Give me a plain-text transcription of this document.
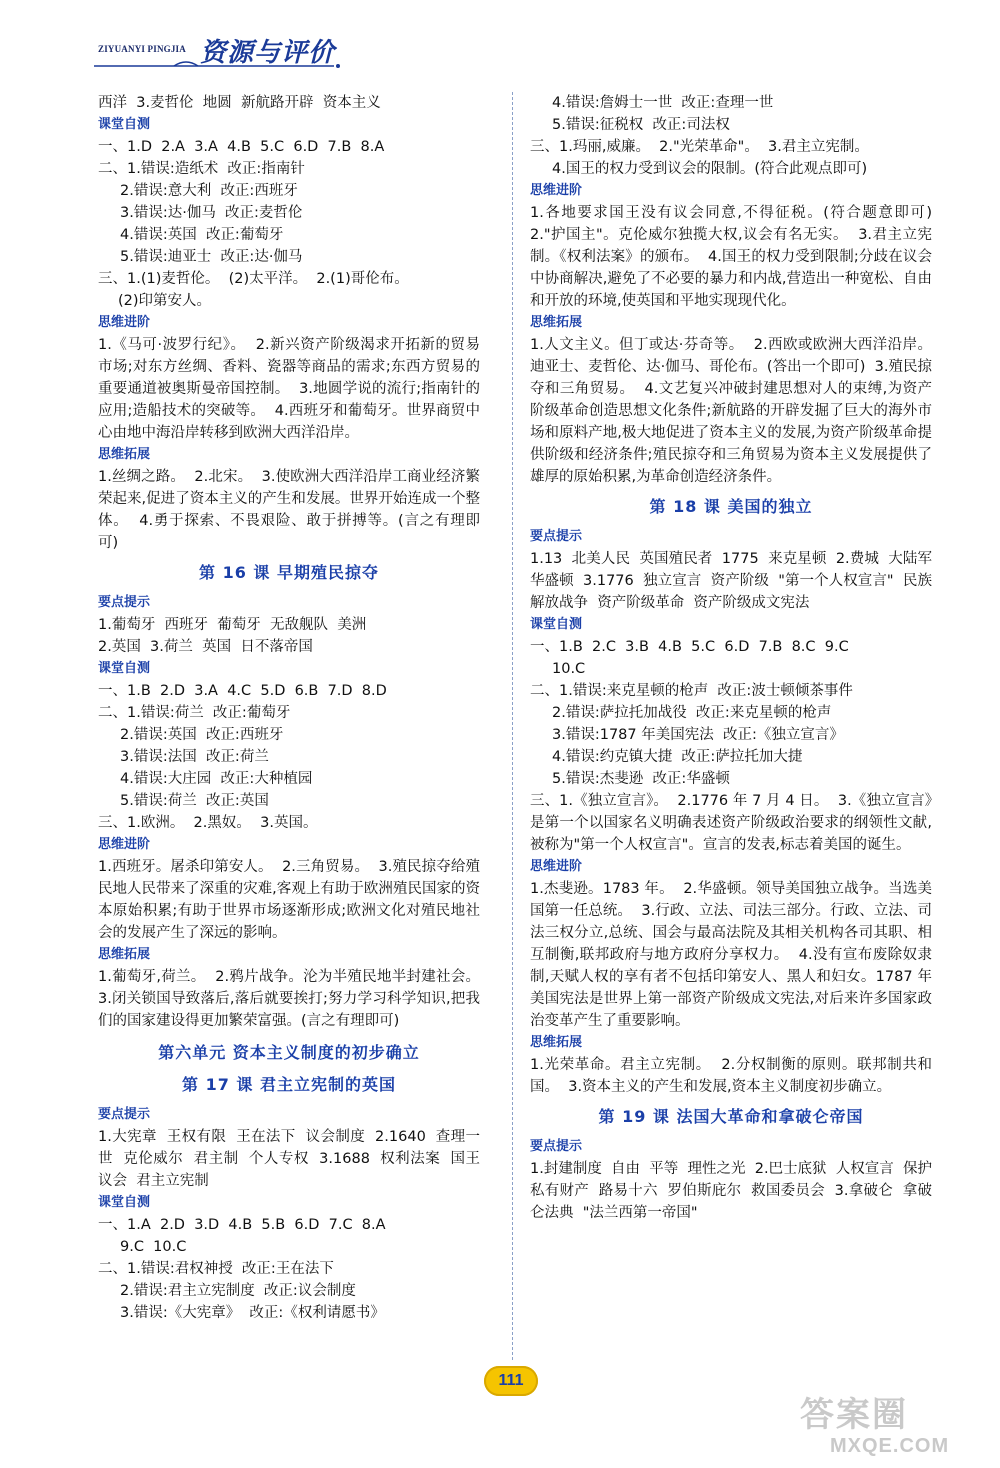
ZIYUANYI PINGJIA 资源与评价

西洋  3.麦哲伦  地圆  新航路开辟  资本主义

课堂自测

一、1.D  2.A  3.A  4.B  5.C  6.D  7.B  8.A

二、1.错误:造纸术  改正:指南针

2.错误:意大利  改正:西班牙

3.错误:达·伽马  改正:麦哲伦

4.错误:英国  改正:葡萄牙

5.错误:迪亚士  改正:达·伽马

三、1.(1)麦哲伦。  (2)太平洋。  2.(1)哥伦布。

(2)印第安人。

思维进阶

1.《马可·波罗行纪》。  2.新兴资产阶级渴求开拓新的贸易市场;对东方丝绸、香料、瓷器等商品的需求;东西方贸易的重要通道被奥斯曼帝国控制。  3.地圆学说的流行;指南针的应用;造船技术的突破等。  4.西班牙和葡萄牙。世界商贸中心由地中海沿岸转移到欧洲大西洋沿岸。

思维拓展

1.丝绸之路。  2.北宋。  3.使欧洲大西洋沿岸工商业经济繁荣起来,促进了资本主义的产生和发展。世界开始连成一个整体。  4.勇于探索、不畏艰险、敢于拼搏等。(言之有理即可)

第 16 课 早期殖民掠夺

要点提示

1.葡萄牙  西班牙  葡萄牙  无敌舰队  美洲

2.英国  3.荷兰  英国  日不落帝国

课堂自测

一、1.B  2.D  3.A  4.C  5.D  6.B  7.D  8.D

二、1.错误:荷兰  改正:葡萄牙

2.错误:英国  改正:西班牙

3.错误:法国  改正:荷兰

4.错误:大庄园  改正:大种植园

5.错误:荷兰  改正:英国

三、1.欧洲。  2.黑奴。  3.英国。

思维进阶

1.西班牙。屠杀印第安人。  2.三角贸易。  3.殖民掠夺给殖民地人民带来了深重的灾难,客观上有助于欧洲殖民国家的资本原始积累;有助于世界市场逐渐形成;欧洲文化对殖民地社会的发展产生了深远的影响。

思维拓展

1.葡萄牙,荷兰。  2.鸦片战争。沦为半殖民地半封建社会。  3.闭关锁国导致落后,落后就要挨打;努力学习科学知识,把我们的国家建设得更加繁荣富强。(言之有理即可)

第六单元 资本主义制度的初步确立

第 17 课 君主立宪制的英国

要点提示

1.大宪章  王权有限  王在法下  议会制度  2.1640  查理一世  克伦威尔  君主制  个人专权  3.1688  权利法案  国王  议会  君主立宪制

课堂自测

一、1.A  2.D  3.D  4.B  5.B  6.D  7.C  8.A

9.C  10.C

二、1.错误:君权神授  改正:王在法下

2.错误:君主立宪制度  改正:议会制度

3.错误:《大宪章》  改正:《权利请愿书》

4.错误:詹姆士一世  改正:查理一世

5.错误:征税权  改正:司法权

三、1.玛丽,威廉。  2."光荣革命"。  3.君主立宪制。

4.国王的权力受到议会的限制。(符合此观点即可)

思维进阶

1.各地要求国王没有议会同意,不得征税。(符合题意即可)  2."护国主"。克伦威尔独揽大权,议会有名无实。  3.君主立宪制。《权利法案》的颁布。  4.国王的权力受到限制;分歧在议会中协商解决,避免了不必要的暴力和内战,营造出一种宽松、自由和开放的环境,使英国和平地实现现代化。

思维拓展

1.人文主义。但丁或达·芬奇等。  2.西欧或欧洲大西洋沿岸。迪亚士、麦哲伦、达·伽马、哥伦布。(答出一个即可)  3.殖民掠夺和三角贸易。  4.文艺复兴冲破封建思想对人的束缚,为资产阶级革命创造思想文化条件;新航路的开辟发掘了巨大的海外市场和原料产地,极大地促进了资本主义的发展,为资产阶级革命提供阶级和经济条件;殖民掠夺和三角贸易为资本主义发展提供了雄厚的原始积累,为革命创造经济条件。

第 18 课 美国的独立

要点提示

1.13  北美人民  英国殖民者  1775  来克星顿  2.费城  大陆军  华盛顿  3.1776  独立宣言  资产阶级  "第一个人权宣言"  民族解放战争  资产阶级革命  资产阶级成文宪法

课堂自测

一、1.B  2.C  3.B  4.B  5.C  6.D  7.B  8.C  9.C

10.C

二、1.错误:来克星顿的枪声  改正:波士顿倾茶事件

2.错误:萨拉托加战役  改正:来克星顿的枪声

3.错误:1787 年美国宪法  改正:《独立宣言》

4.错误:约克镇大捷  改正:萨拉托加大捷

5.错误:杰斐逊  改正:华盛顿

三、1.《独立宣言》。  2.1776 年 7 月 4 日。  3.《独立宣言》是第一个以国家名义明确表述资产阶级政治要求的纲领性文献,被称为"第一个人权宣言"。宣言的发表,标志着美国的诞生。

思维进阶

1.杰斐逊。1783 年。  2.华盛顿。领导美国独立战争。当选美国第一任总统。  3.行政、立法、司法三部分。行政、立法、司法三权分立,总统、国会与最高法院及其相关机构各司其职、相互制衡,联邦政府与地方政府分享权力。  4.没有宣布废除奴隶制,天赋人权的享有者不包括印第安人、黑人和妇女。1787 年美国宪法是世界上第一部资产阶级成文宪法,对后来许多国家政治变革产生了重要影响。

思维拓展

1.光荣革命。君主立宪制。  2.分权制衡的原则。联邦制共和国。  3.资本主义的产生和发展,资本主义制度初步确立。

第 19 课 法国大革命和拿破仑帝国

要点提示

1.封建制度  自由  平等  理性之光  2.巴士底狱  人权宣言  保护私有财产  路易十六  罗伯斯庇尔  救国委员会  3.拿破仑  拿破仑法典  "法兰西第一帝国"

111
答案圈
MXQE.COM
